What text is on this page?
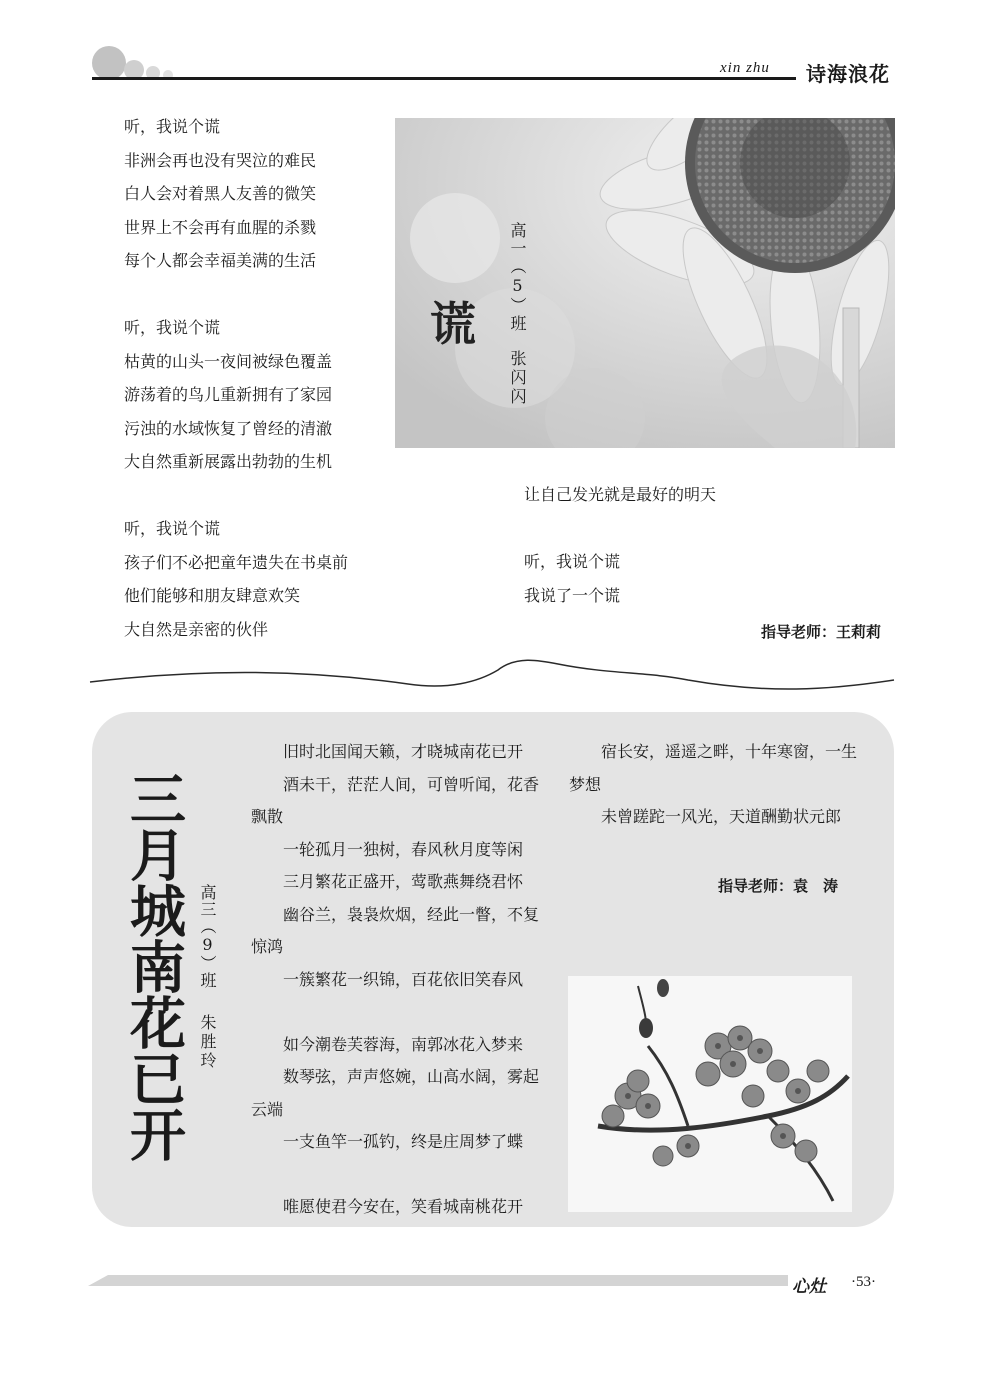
xin zhu 诗海浪花
听，我说个谎
非洲会再也没有哭泣的难民
白人会对着黑人友善的微笑
世界上不会再有血腥的杀戮
每个人都会幸福美满的生活
听，我说个谎
枯黄的山头一夜间被绿色覆盖
游荡着的鸟儿重新拥有了家园
污浊的水域恢复了曾经的清澈
大自然重新展露出勃勃的生机
听，我说个谎
孩子们不必把童年遗失在书桌前
他们能够和朋友肆意欢笑
大自然是亲密的伙伴
谎 高一（5）班
张闪闪
让自己发光就是最好的明天
听，我说个谎
我说了一个谎
指导老师：王莉莉
三月城南花已开 高三（9）班
朱胜玲

旧时北国闻天籁，才晓城南花已开

酒未干，茫茫人间，可曾听闻，花香飘散

一轮孤月一独树，春风秋月度等闲

三月繁花正盛开，莺歌燕舞绕君怀

幽谷兰，袅袅炊烟，经此一瞥，不复惊鸿

一簇繁花一织锦，百花依旧笑春风

如今潮卷芙蓉海，南郭冰花入梦来

数琴弦，声声悠婉，山高水阔，雾起云端

一支鱼竿一孤钓，终是庄周梦了蝶

唯愿使君今安在，笑看城南桃花开

宿长安，遥遥之畔，十年寒窗，一生梦想

未曾蹉跎一风光，天道酬勤状元郎

指导老师：袁　涛
心灶 ·53·
